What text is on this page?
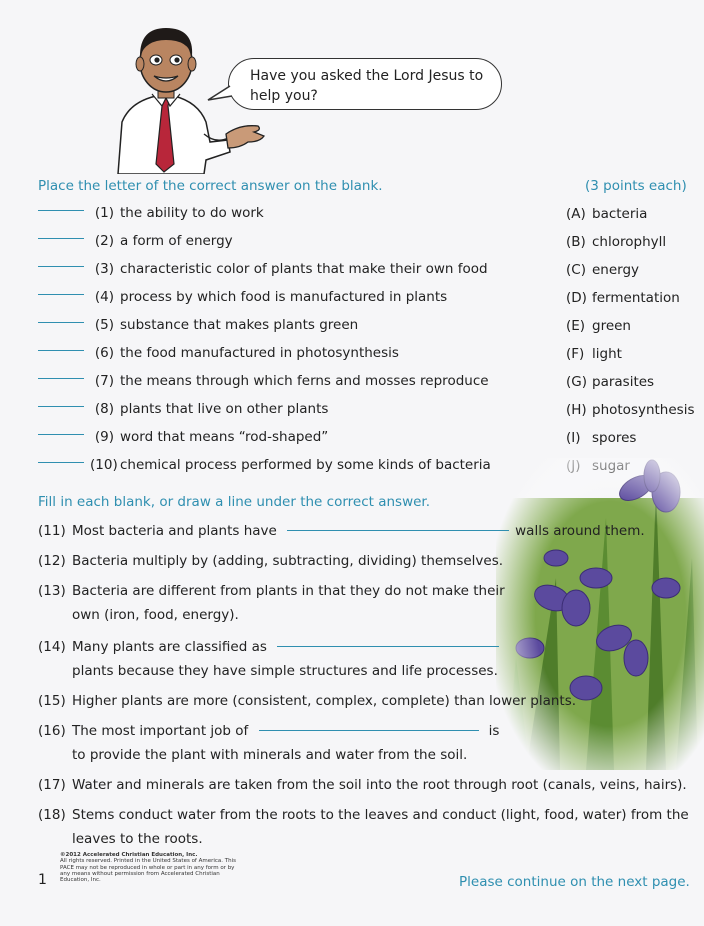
Have you asked the Lord Jesus to
help you?
Place the letter of the correct answer on the blank.	(3 points each)
(1) the ability to do work
(2) a form of energy
(3) characteristic color of plants that make their own food
(4) process by which food is manufactured in plants
(5) substance that makes plants green
(6) the food manufactured in photosynthesis
(7) the means through which ferns and mosses reproduce
(8) plants that live on other plants
(9) word that means “rod-shaped”
(10) chemical process performed by some kinds of bacteria
(A) bacteria
(B) chlorophyll
(C) energy
(D) fermentation
(E) green
(F) light
(G) parasites
(H) photosynthesis
(I) spores
Fill in each blank, or draw a line under the correct answer.
(11) Most bacteria and plants have	walls around them.
(12) Bacteria multiply by (adding, subtracting, dividing) themselves.
(13) Bacteria are different from plants in that they do not make their
own (iron, food, energy).
(14) Many plants are classified as
plants because they have simple structures and life processes.
(15) Higher plants are more (consistent, complex, complete) than lower plants.
(16) The most important job of	is
to provide the plant with minerals and water from the soil.
(17) Water and minerals are taken from the soil into the root through root (canals, veins, hairs).
(18) Stems conduct water from the roots to the leaves and conduct (light, food, water) from the
leaves to the roots.
1
©2012 Accelerated Christian Education, Inc.
All rights reserved. Printed in the United States of America. This PACE may not be reproduced in whole or part in any form or by any means without permission from Accelerated Christian Education, Inc.	Please continue on the next page.
